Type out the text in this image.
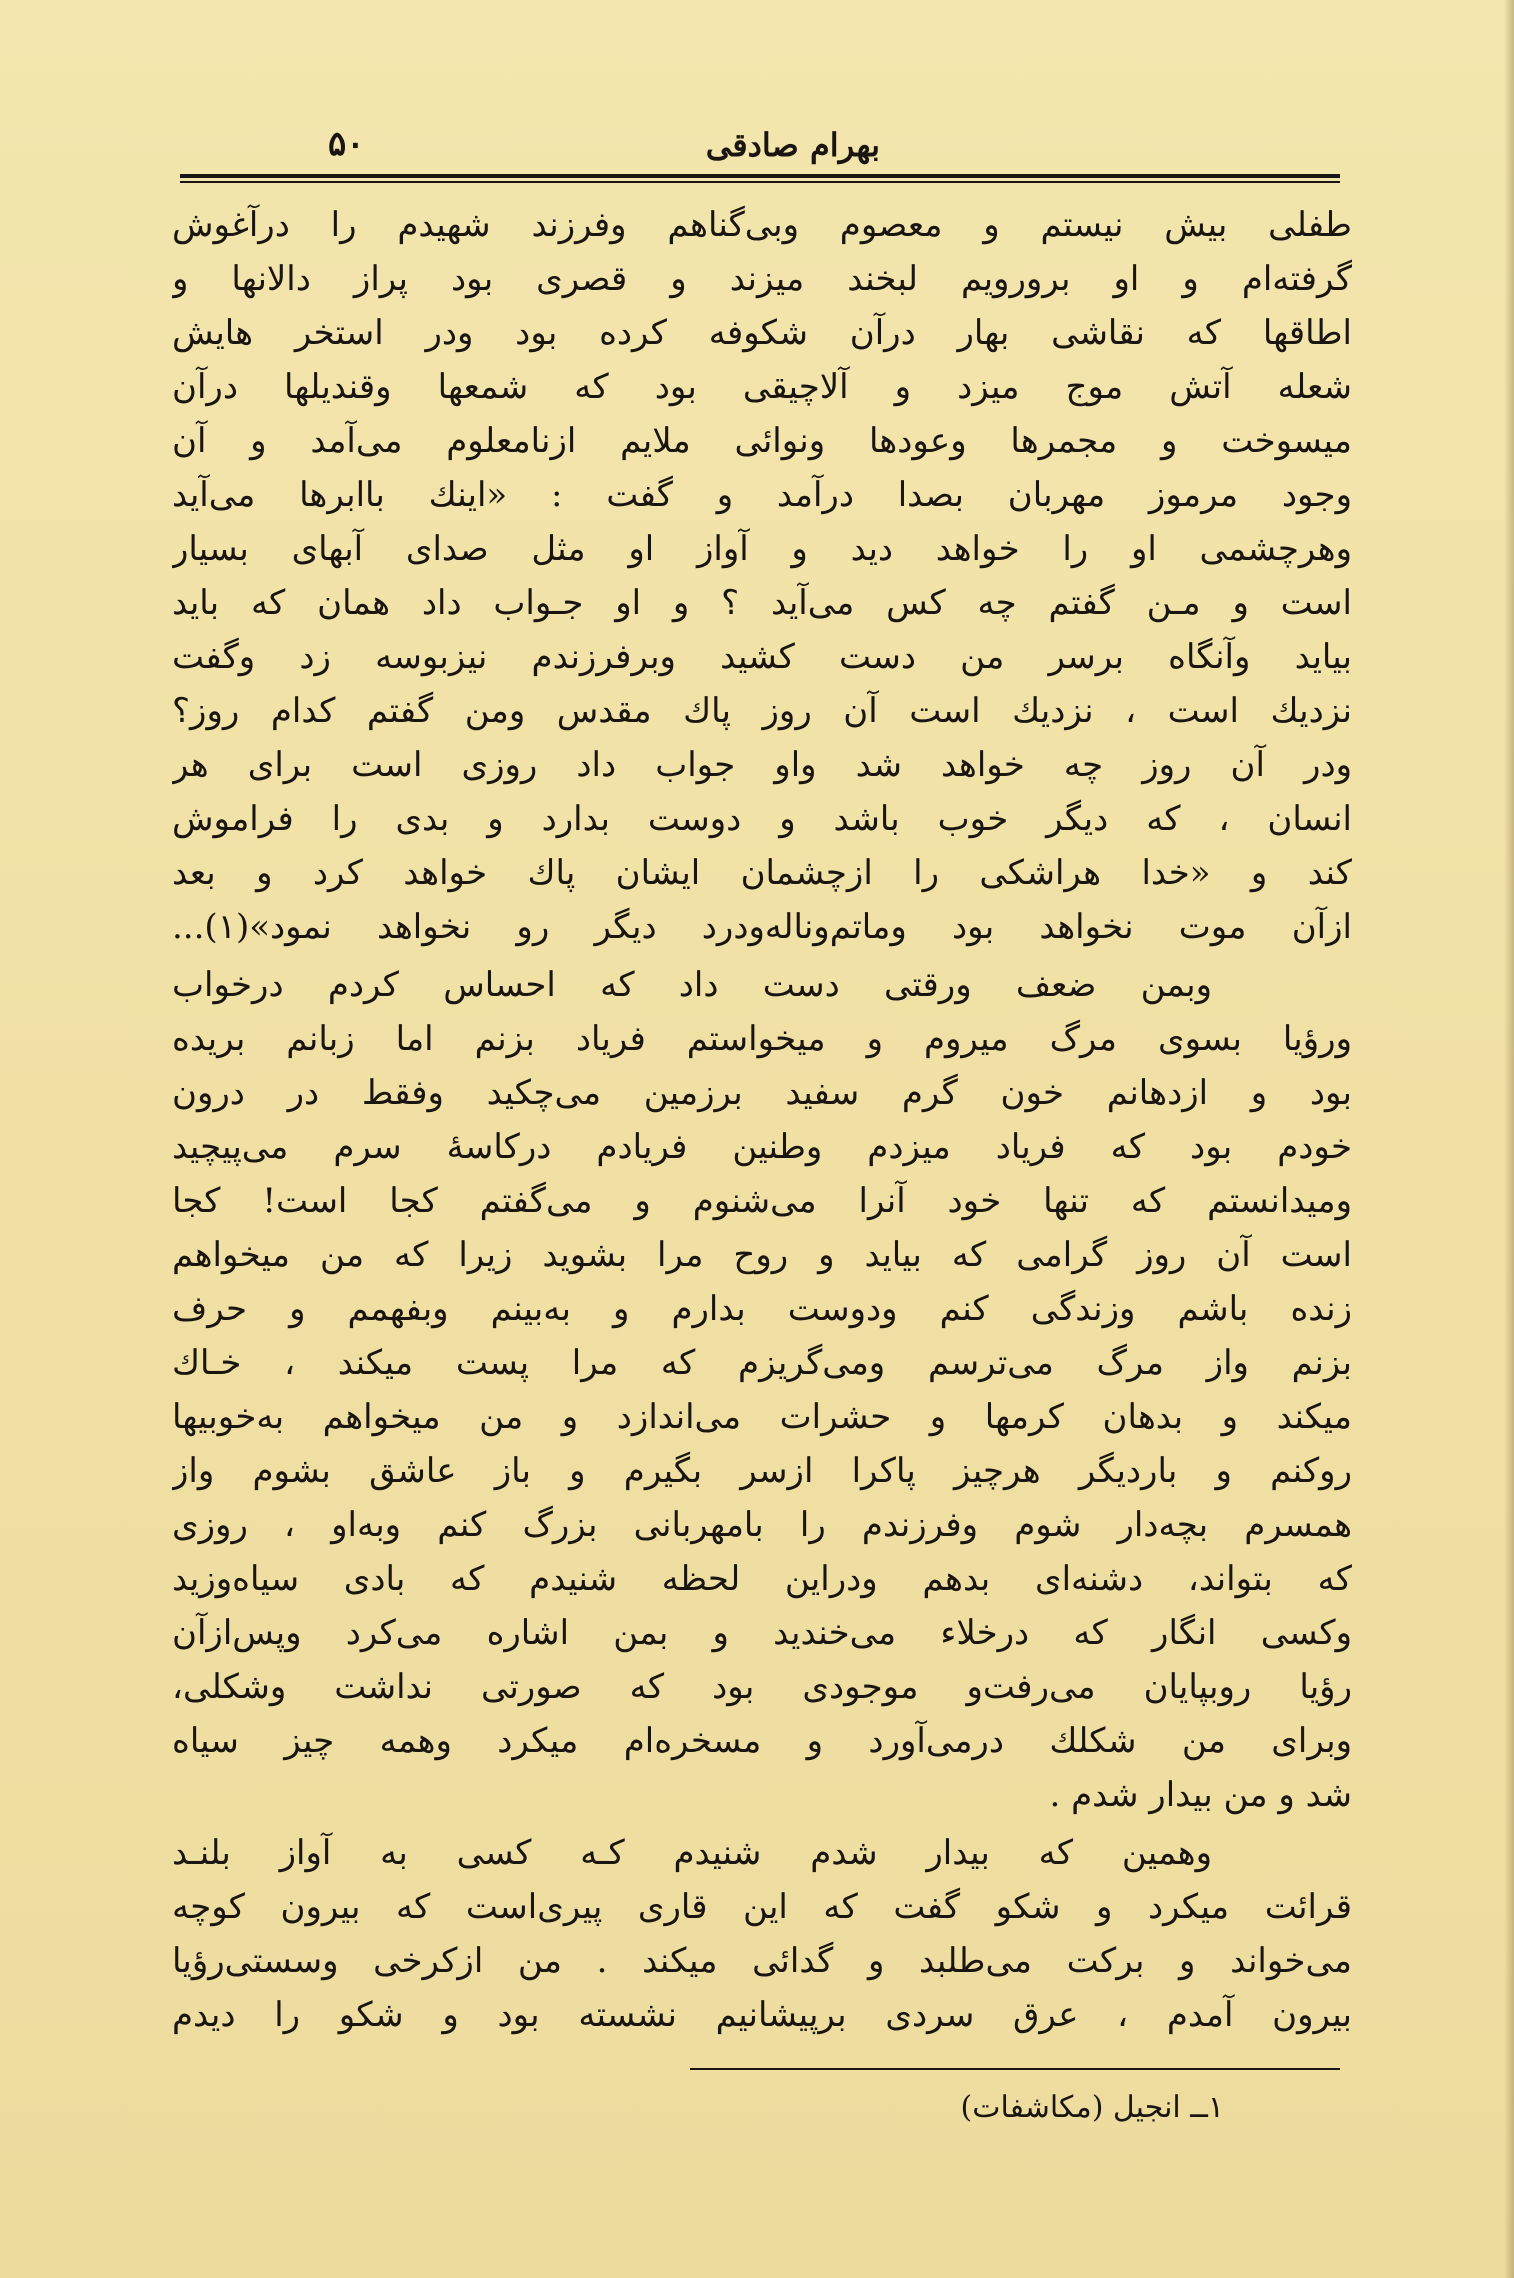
بهرام صادقی
۵۰
طفلی بیش نیستم و معصوم وبی‌گناهم وفرزند شهیدم را درآغوش
گرفته‌ام و او برورویم لبخند میزند و قصری بود پراز دالانها و
اطاقها که نقاشی بهار درآن شکوفه کرده بود ودر استخر هایش
شعله آتش موج میزد و آلاچیقی بود که شمعها وقندیلها درآن
میسوخت و مجمرها وعودها ونوائی ملایم ازنامعلوم می‌آمد و آن
وجود مرموز مهربان بصدا درآمد و گفت : «اینك باابرها می‌آید
وهرچشمی او را خواهد دید و آواز او مثل صدای آبهای بسیار
است و مـن گفتم چه کس می‌آید ؟ و او جـواب داد همان که باید
بیاید وآنگاه برسر من دست کشید وبرفرزندم نیزبوسه زد وگفت
نزدیك است ، نزدیك است آن روز پاك مقدس ومن گفتم کدام روز؟
ودر آن روز چه خواهد شد واو جواب داد روزی است برای هر
انسان ، که دیگر خوب باشد و دوست بدارد و بدی را فراموش
کند و «خدا هراشکی را ازچشمان ایشان پاك خواهد کرد و بعد
ازآن موت نخواهد بود وماتم‌وناله‌ودرد دیگر رو نخواهد نمود»(۱)...
وبمن ضعف ورقتی دست داد که احساس کردم درخواب
ورؤیا بسوی مرگ میروم و میخواستم فریاد بزنم اما زبانم بریده
بود و ازدهانم خون گرم سفید برزمین می‌چکید وفقط در درون
خودم بود که فریاد میزدم وطنین فریادم درکاسهٔ سرم می‌پیچید
ومیدانستم که تنها خود آنرا می‌شنوم و می‌گفتم کجا است! کجا
است آن روز گرامی که بیاید و روح مرا بشوید زیرا که من میخواهم
زنده باشم وزندگی کنم ودوست بدارم و به‌بینم وبفهمم و حرف
بزنم واز مرگ می‌ترسم ومی‌گریزم که مرا پست میکند ، خـاك
میکند و بدهان کرمها و حشرات می‌اندازد و من میخواهم به‌خوبیها
روکنم و باردیگر هرچیز پاکرا ازسر بگیرم و باز عاشق بشوم واز
همسرم بچه‌دار شوم وفرزندم را بامهربانی بزرگ کنم وبه‌او ، روزی
که بتواند، دشنه‌ای بدهم ودراین لحظه شنیدم که بادی سیاه‌وزید
وکسی انگار که درخلاء می‌خندید و بمن اشاره می‌کرد وپس‌ازآن
رؤیا روبپایان می‌رفت‌و موجودی بود که صورتی نداشت وشکلی،
وبرای من شکلك درمی‌آورد و مسخره‌ام میکرد وهمه چیز سیاه
شد و من بیدار شدم .
وهمین که بیدار شدم شنیدم کـه کسی به آواز بلنـد
قرائت میکرد و شکو گفت که این قاری پیری‌است که بیرون کوچه
می‌خواند و برکت می‌طلبد و گدائی میکند . من ازکرخی وسستی‌رؤیا
بیرون آمدم ، عرق سردی برپیشانیم نشسته بود و شکو را دیدم
۱ــ انجیل (مکاشفات)
